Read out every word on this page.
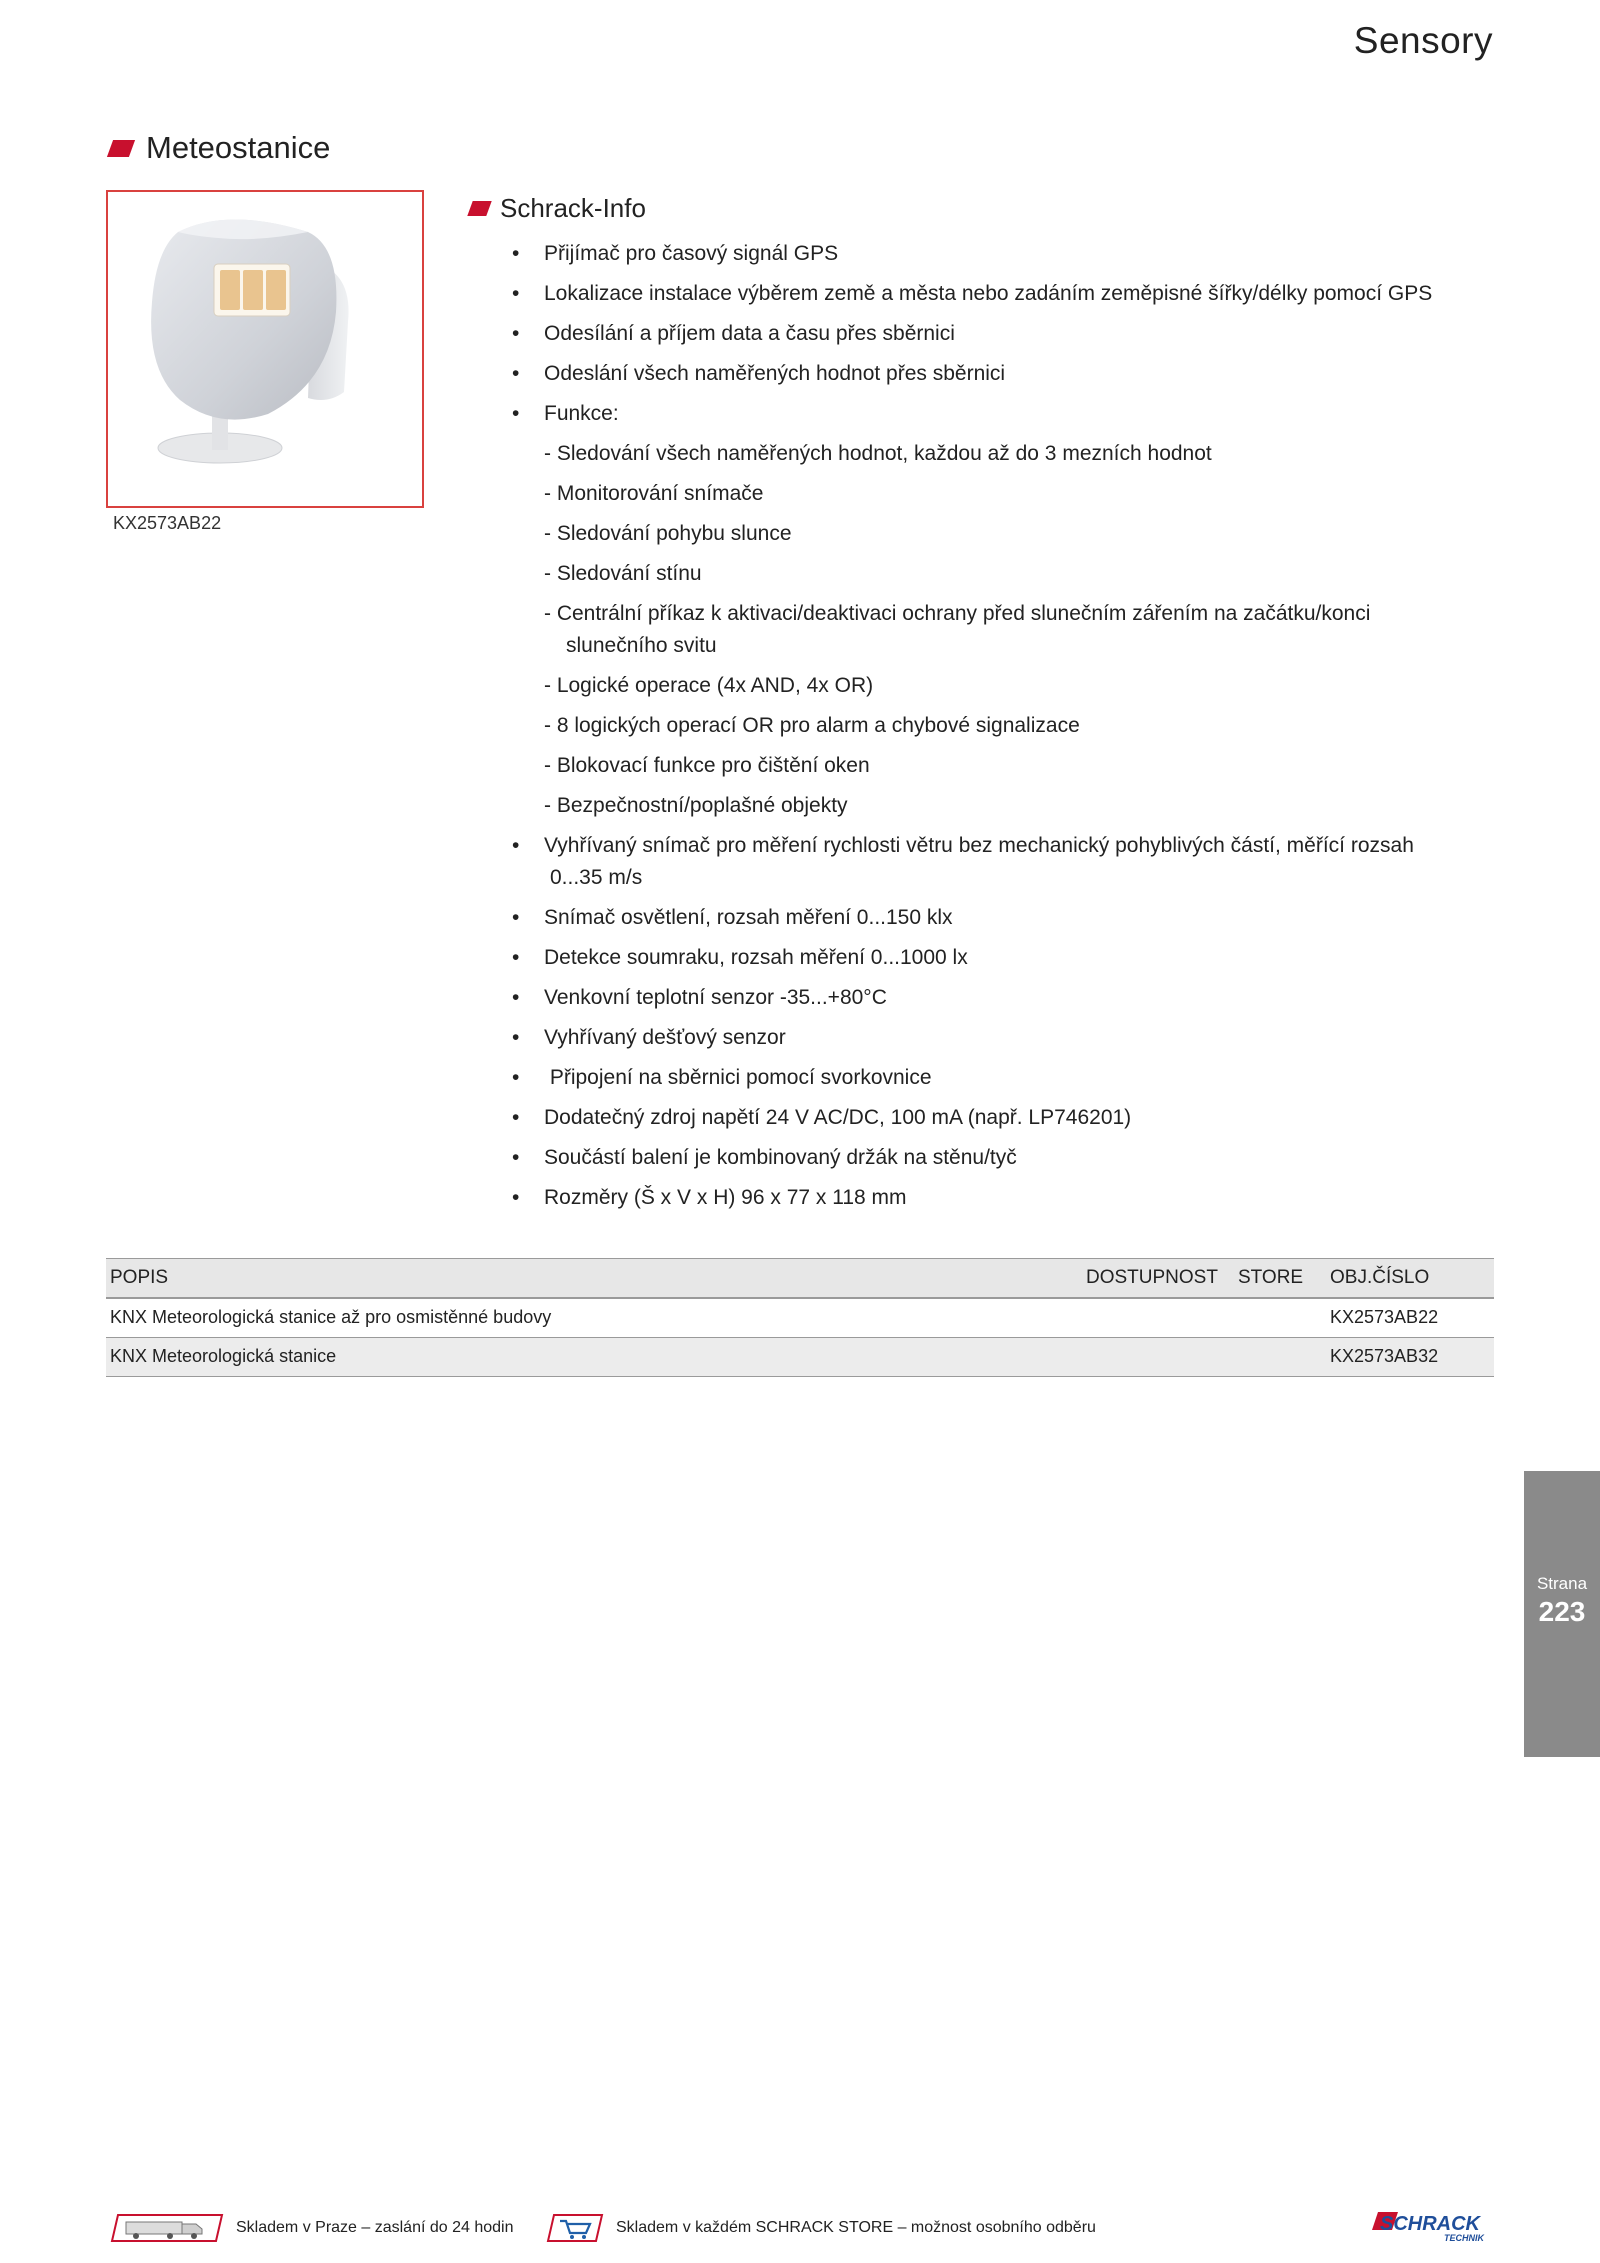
Sensory
Meteostanice
KX2573AB22
Schrack-Info
• Přijímač pro časový signál GPS
• Lokalizace instalace výběrem země a města nebo zadáním zeměpisné šířky/délky pomocí GPS
• Odesílání a příjem data a času přes sběrnici
• Odeslání všech naměřených hodnot přes sběrnici
• Funkce:
- Sledování všech naměřených hodnot, každou až do 3 mezních hodnot
- Monitorování snímače
- Sledování pohybu slunce
- Sledování stínu
- Centrální příkaz k aktivaci/deaktivaci ochrany před slunečním zářením na začátku/konci
slunečního svitu
- Logické operace (4x AND, 4x OR)
- 8 logických operací OR pro alarm a chybové signalizace
- Blokovací funkce pro čištění oken
- Bezpečnostní/poplašné objekty
• Vyhřívaný snímač pro měření rychlosti větru bez mechanický pohyblivých částí, měřící rozsah
0...35 m/s
• Snímač osvětlení, rozsah měření 0...150 klx
• Detekce soumraku, rozsah měření 0...1000 lx
• Venkovní teplotní senzor -35...+80°C
• Vyhřívaný dešťový senzor
•  Připojení na sběrnici pomocí svorkovnice
• Dodatečný zdroj napětí 24 V AC/DC, 100 mA (např. LP746201)
• Součástí balení je kombinovaný držák na stěnu/tyč
• Rozměry (Š x V x H) 96 x 77 x 118 mm
POPIS	DOSTUPNOST STORE OBJ.ČÍSLO
KNX Meteorologická stanice až pro osmistěnné budovy	KX2573AB22
KNX Meteorologická stanice	KX2573AB32
Strana
223
Skladem v Praze – zaslání do 24 hodin	Skladem v každém SCHRACK STORE – možnost osobního odběru	SCHRACK
TECHNIK
